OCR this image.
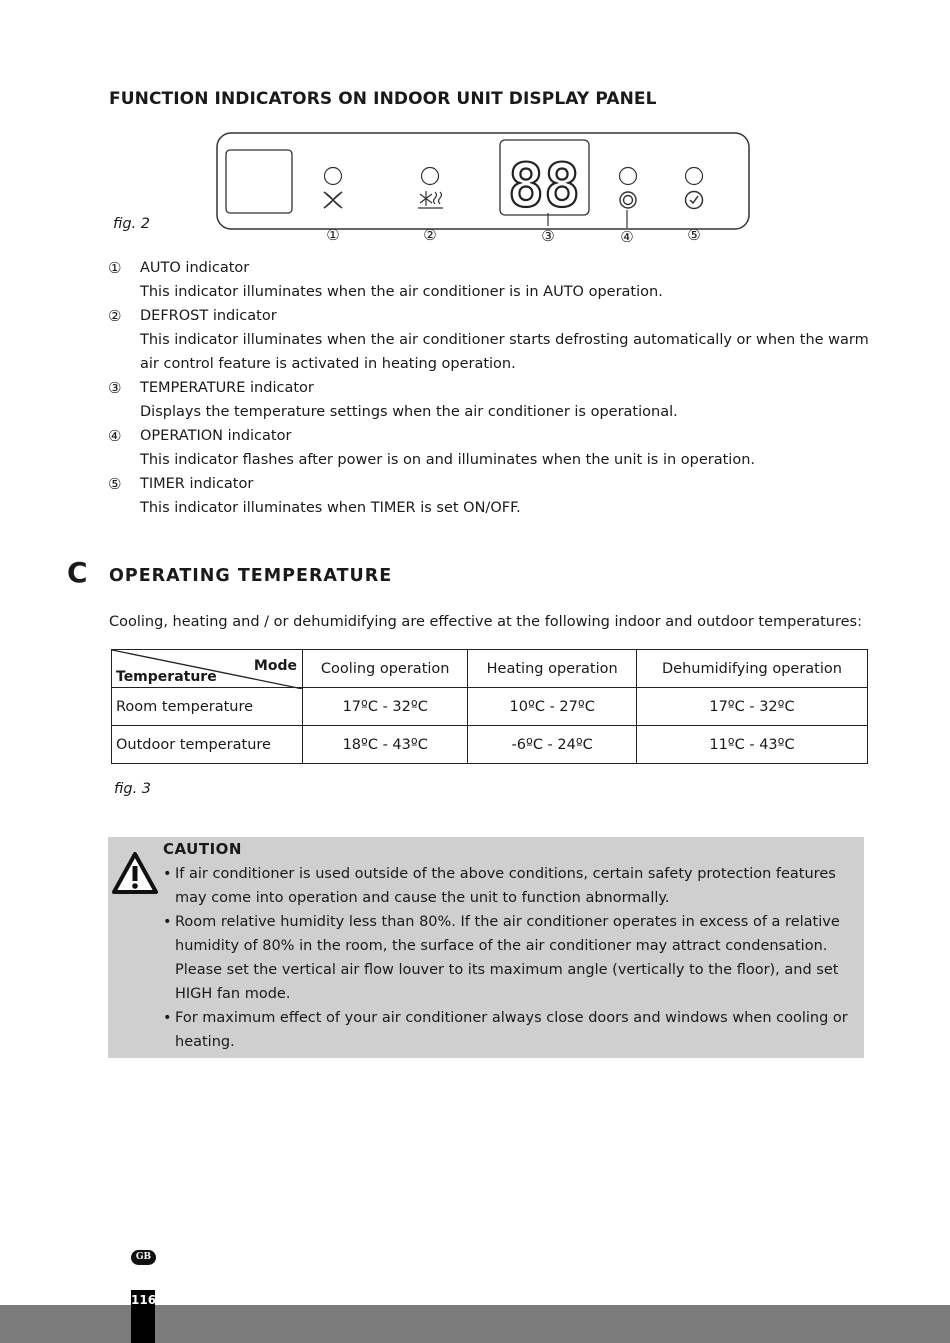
FUNCTION INDICATORS ON INDOOR UNIT DISPLAY PANEL
88
①	②	③	④	⑤
fig. 2
①	AUTO indicator
This indicator illuminates when the air conditioner is in AUTO operation.
②	DEFROST indicator
This indicator illuminates when the air conditioner starts defrosting automatically or when the warm air control feature is activated in heating operation.
③	TEMPERATURE indicator
Displays the temperature settings when the air conditioner is operational.
④	OPERATION indicator
This indicator flashes after power is on and illuminates when the unit is in operation.
⑤	TIMER indicator
This indicator illuminates when TIMER is set ON/OFF.
C OPERATING TEMPERATURE
Cooling, heating and / or dehumidifying are effective at the following indoor and outdoor temperatures:
Mode
Temperature	Cooling operation	Heating operation	Dehumidifying operation
Room temperature	17ºC - 32ºC	10ºC - 27ºC	17ºC - 32ºC
Outdoor temperature	18ºC - 43ºC	-6ºC - 24ºC	11ºC - 43ºC
fig. 3
CAUTION
• If air conditioner is used outside of the above conditions, certain safety protection features may come into operation and cause the unit to function abnormally.
• Room relative humidity less than 80%. If the air conditioner operates in excess of a relative humidity of 80% in the room, the surface of the air conditioner may attract condensation. Please set the vertical air flow louver to its maximum angle (vertically to the floor), and set HIGH fan mode.
• For maximum effect of your air conditioner always close doors and windows when cooling or heating.
GB
116
